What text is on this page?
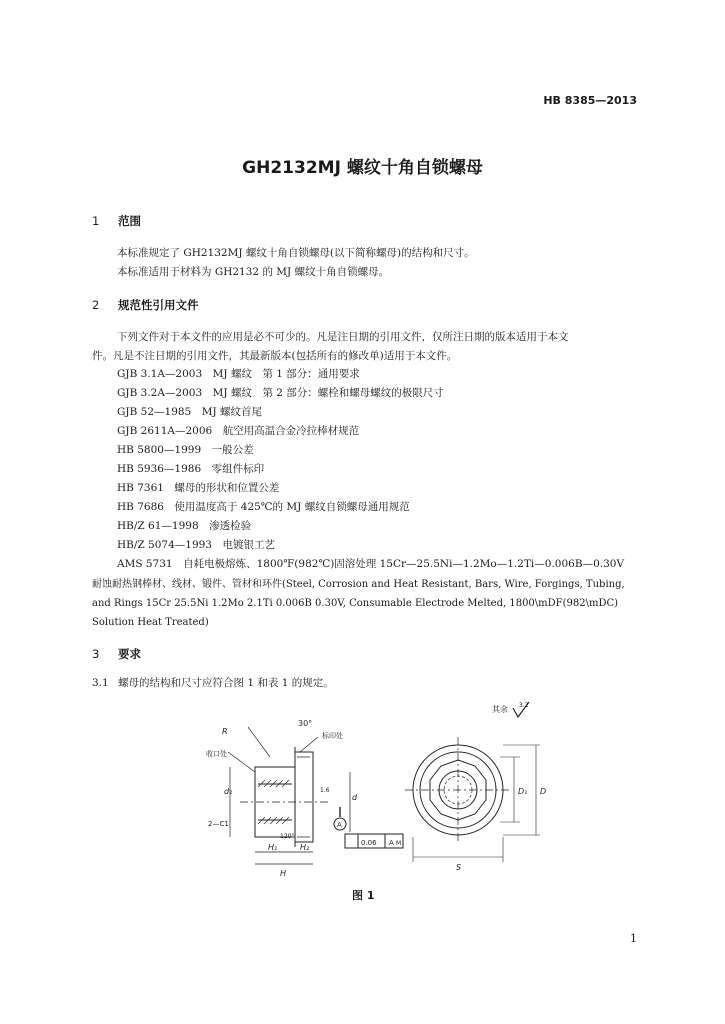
HB 8385—2013
GH2132MJ 螺纹十角自锁螺母
1 范围
本标准规定了 GH2132MJ 螺纹十角自锁螺母(以下简称螺母)的结构和尺寸。
本标准适用于材料为 GH2132 的 MJ 螺纹十角自锁螺母。
2 规范性引用文件
下列文件对于本文件的应用是必不可少的。凡是注日期的引用文件，仅所注日期的版本适用于本文
件。凡是不注日期的引用文件，其最新版本(包括所有的修改单)适用于本文件。
GJB 3.1A—2003　MJ 螺纹　第 1 部分：通用要求
GJB 3.2A—2003　MJ 螺纹　第 2 部分：螺栓和螺母螺纹的极限尺寸
GJB 52—1985　MJ 螺纹首尾
GJB 2611A—2006　航空用高温合金冷拉棒材规范
HB 5800—1999　一般公差
HB 5936—1986　零组件标印
HB 7361　螺母的形状和位置公差
HB 7686　使用温度高于 425℃的 MJ 螺纹自锁螺母通用规范
HB/Z 61—1998　渗透检验
HB/Z 5074—1993　电镀银工艺
AMS 5731　自耗电极熔炼、1800℉(982℃)固溶处理 15Cr—25.5Ni—1.2Mo—1.2Ti—0.006B—0.30V
耐蚀耐热钢棒材、线材、锻件、管材和环件(Steel, Corrosion and Heat Resistant, Bars, Wire, Forgings, Tubing,
and Rings 15Cr 25.5Ni 1.2Mo 2.1Ti 0.006B 0.30V, Consumable Electrode Melted, 1800\mDF(982\mDC)
Solution Heat Treated)
3 要求
3.1 螺母的结构和尺寸应符合图 1 和表 1 的规定。
其余 3.2
R
30°
标印处
收口处
2—C1
d₁
d
A
0.06 A M
H
H₁	H₂
120°
1.6
S
D₁ D
图 1
1
